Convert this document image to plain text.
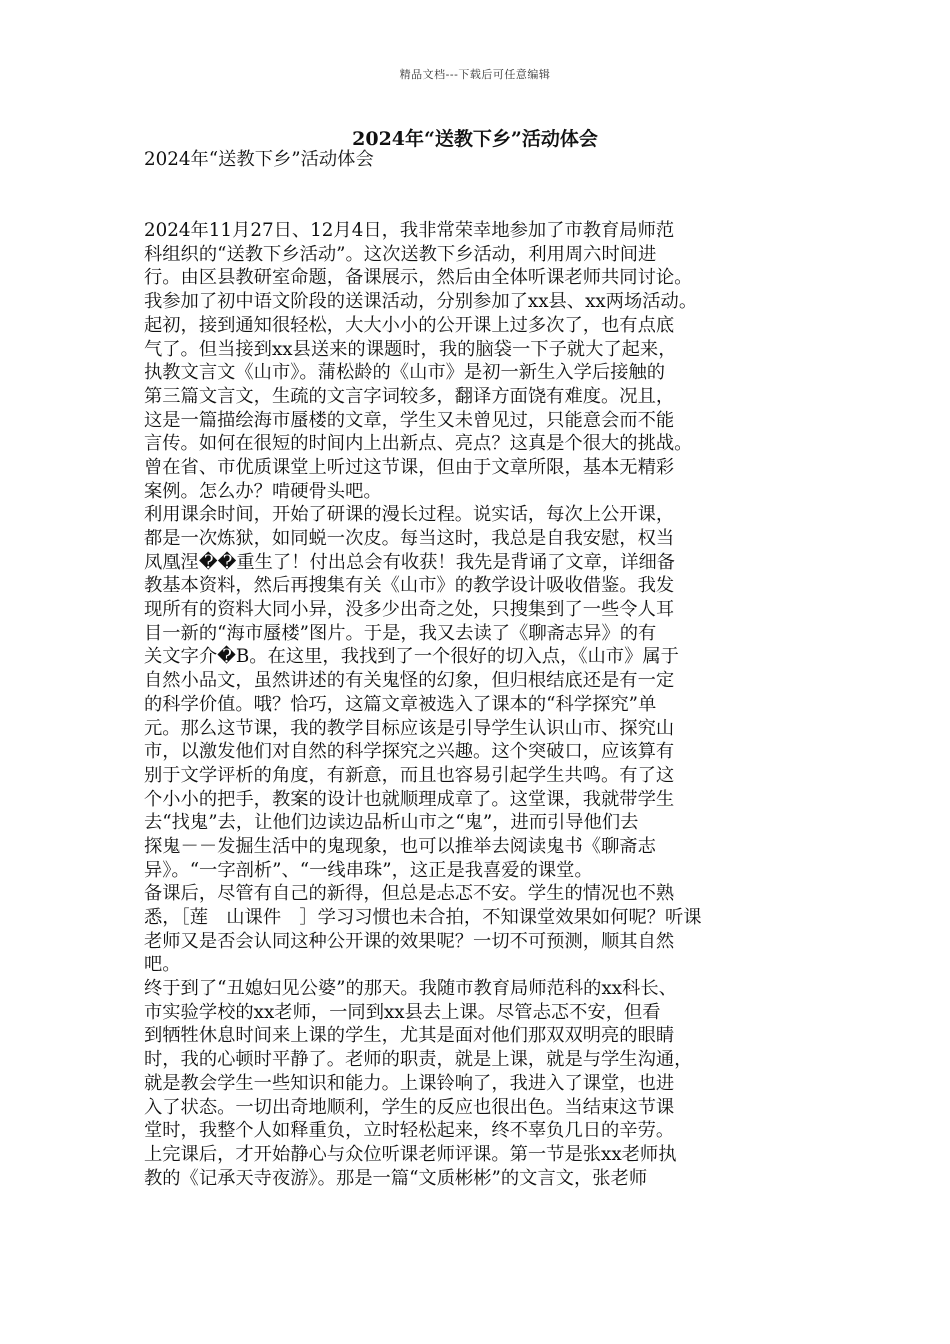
精品文档---下载后可任意编辑
2024年“送教下乡”活动体会
2024年“送教下乡”活动体会
2024年11月27日、12月4日，我非常荣幸地参加了市教育局师范
科组织的“送教下乡活动”。这次送教下乡活动，利用周六时间进
行。由区县教研室命题，备课展示，然后由全体听课老师共同讨论。
我参加了初中语文阶段的送课活动，分别参加了xx县、xx两场活动。
起初，接到通知很轻松，大大小小的公开课上过多次了，也有点底
气了。但当接到xx县送来的课题时，我的脑袋一下子就大了起来，
执教文言文《山市》。蒲松龄的《山市》是初一新生入学后接触的
第三篇文言文，生疏的文言字词较多，翻译方面饶有难度。况且，
这是一篇描绘海市蜃楼的文章，学生又未曾见过，只能意会而不能
言传。如何在很短的时间内上出新点、亮点？这真是个很大的挑战。
曾在省、市优质课堂上听过这节课，但由于文章所限，基本无精彩
案例。怎么办？啃硬骨头吧。
利用课余时间，开始了研课的漫长过程。说实话，每次上公开课，
都是一次炼狱，如同蜕一次皮。每当这时，我总是自我安慰，权当
凤凰涅��重生了！付出总会有收获！我先是背诵了文章，详细备
教基本资料，然后再搜集有关《山市》的教学设计吸收借鉴。我发
现所有的资料大同小异，没多少出奇之处，只搜集到了一些令人耳
目一新的“海市蜃楼”图片。于是，我又去读了《聊斋志异》的有
关文字介�B。在这里，我找到了一个很好的切入点，《山市》属于
自然小品文，虽然讲述的有关鬼怪的幻象，但归根结底还是有一定
的科学价值。哦？恰巧，这篇文章被选入了课本的“科学探究”单
元。那么这节课，我的教学目标应该是引导学生认识山市、探究山
市，以激发他们对自然的科学探究之兴趣。这个突破口，应该算有
别于文学评析的角度，有新意，而且也容易引起学生共鸣。有了这
个小小的把手，教案的设计也就顺理成章了。这堂课，我就带学生
去“找鬼”去，让他们边读边品析山市之“鬼”，进而引导他们去
探鬼－－发掘生活中的鬼现象，也可以推举去阅读鬼书《聊斋志
异》。“一字剖析”、“一线串珠”，这正是我喜爱的课堂。
备课后，尽管有自己的新得，但总是忐忑不安。学生的情况也不熟
悉，［莲　山课件　］学习习惯也未合拍，不知课堂效果如何呢？听课
老师又是否会认同这种公开课的效果呢？一切不可预测，顺其自然
吧。
终于到了“丑媳妇见公婆”的那天。我随市教育局师范科的xx科长、
市实验学校的xx老师，一同到xx县去上课。尽管忐忑不安，但看
到牺牲休息时间来上课的学生，尤其是面对他们那双双明亮的眼睛
时，我的心顿时平静了。老师的职责，就是上课，就是与学生沟通，
就是教会学生一些知识和能力。上课铃响了，我进入了课堂，也进
入了状态。一切出奇地顺利，学生的反应也很出色。当结束这节课
堂时，我整个人如释重负，立时轻松起来，终不辜负几日的辛劳。
上完课后，才开始静心与众位听课老师评课。第一节是张xx老师执
教的《记承天寺夜游》。那是一篇“文质彬彬”的文言文，张老师
